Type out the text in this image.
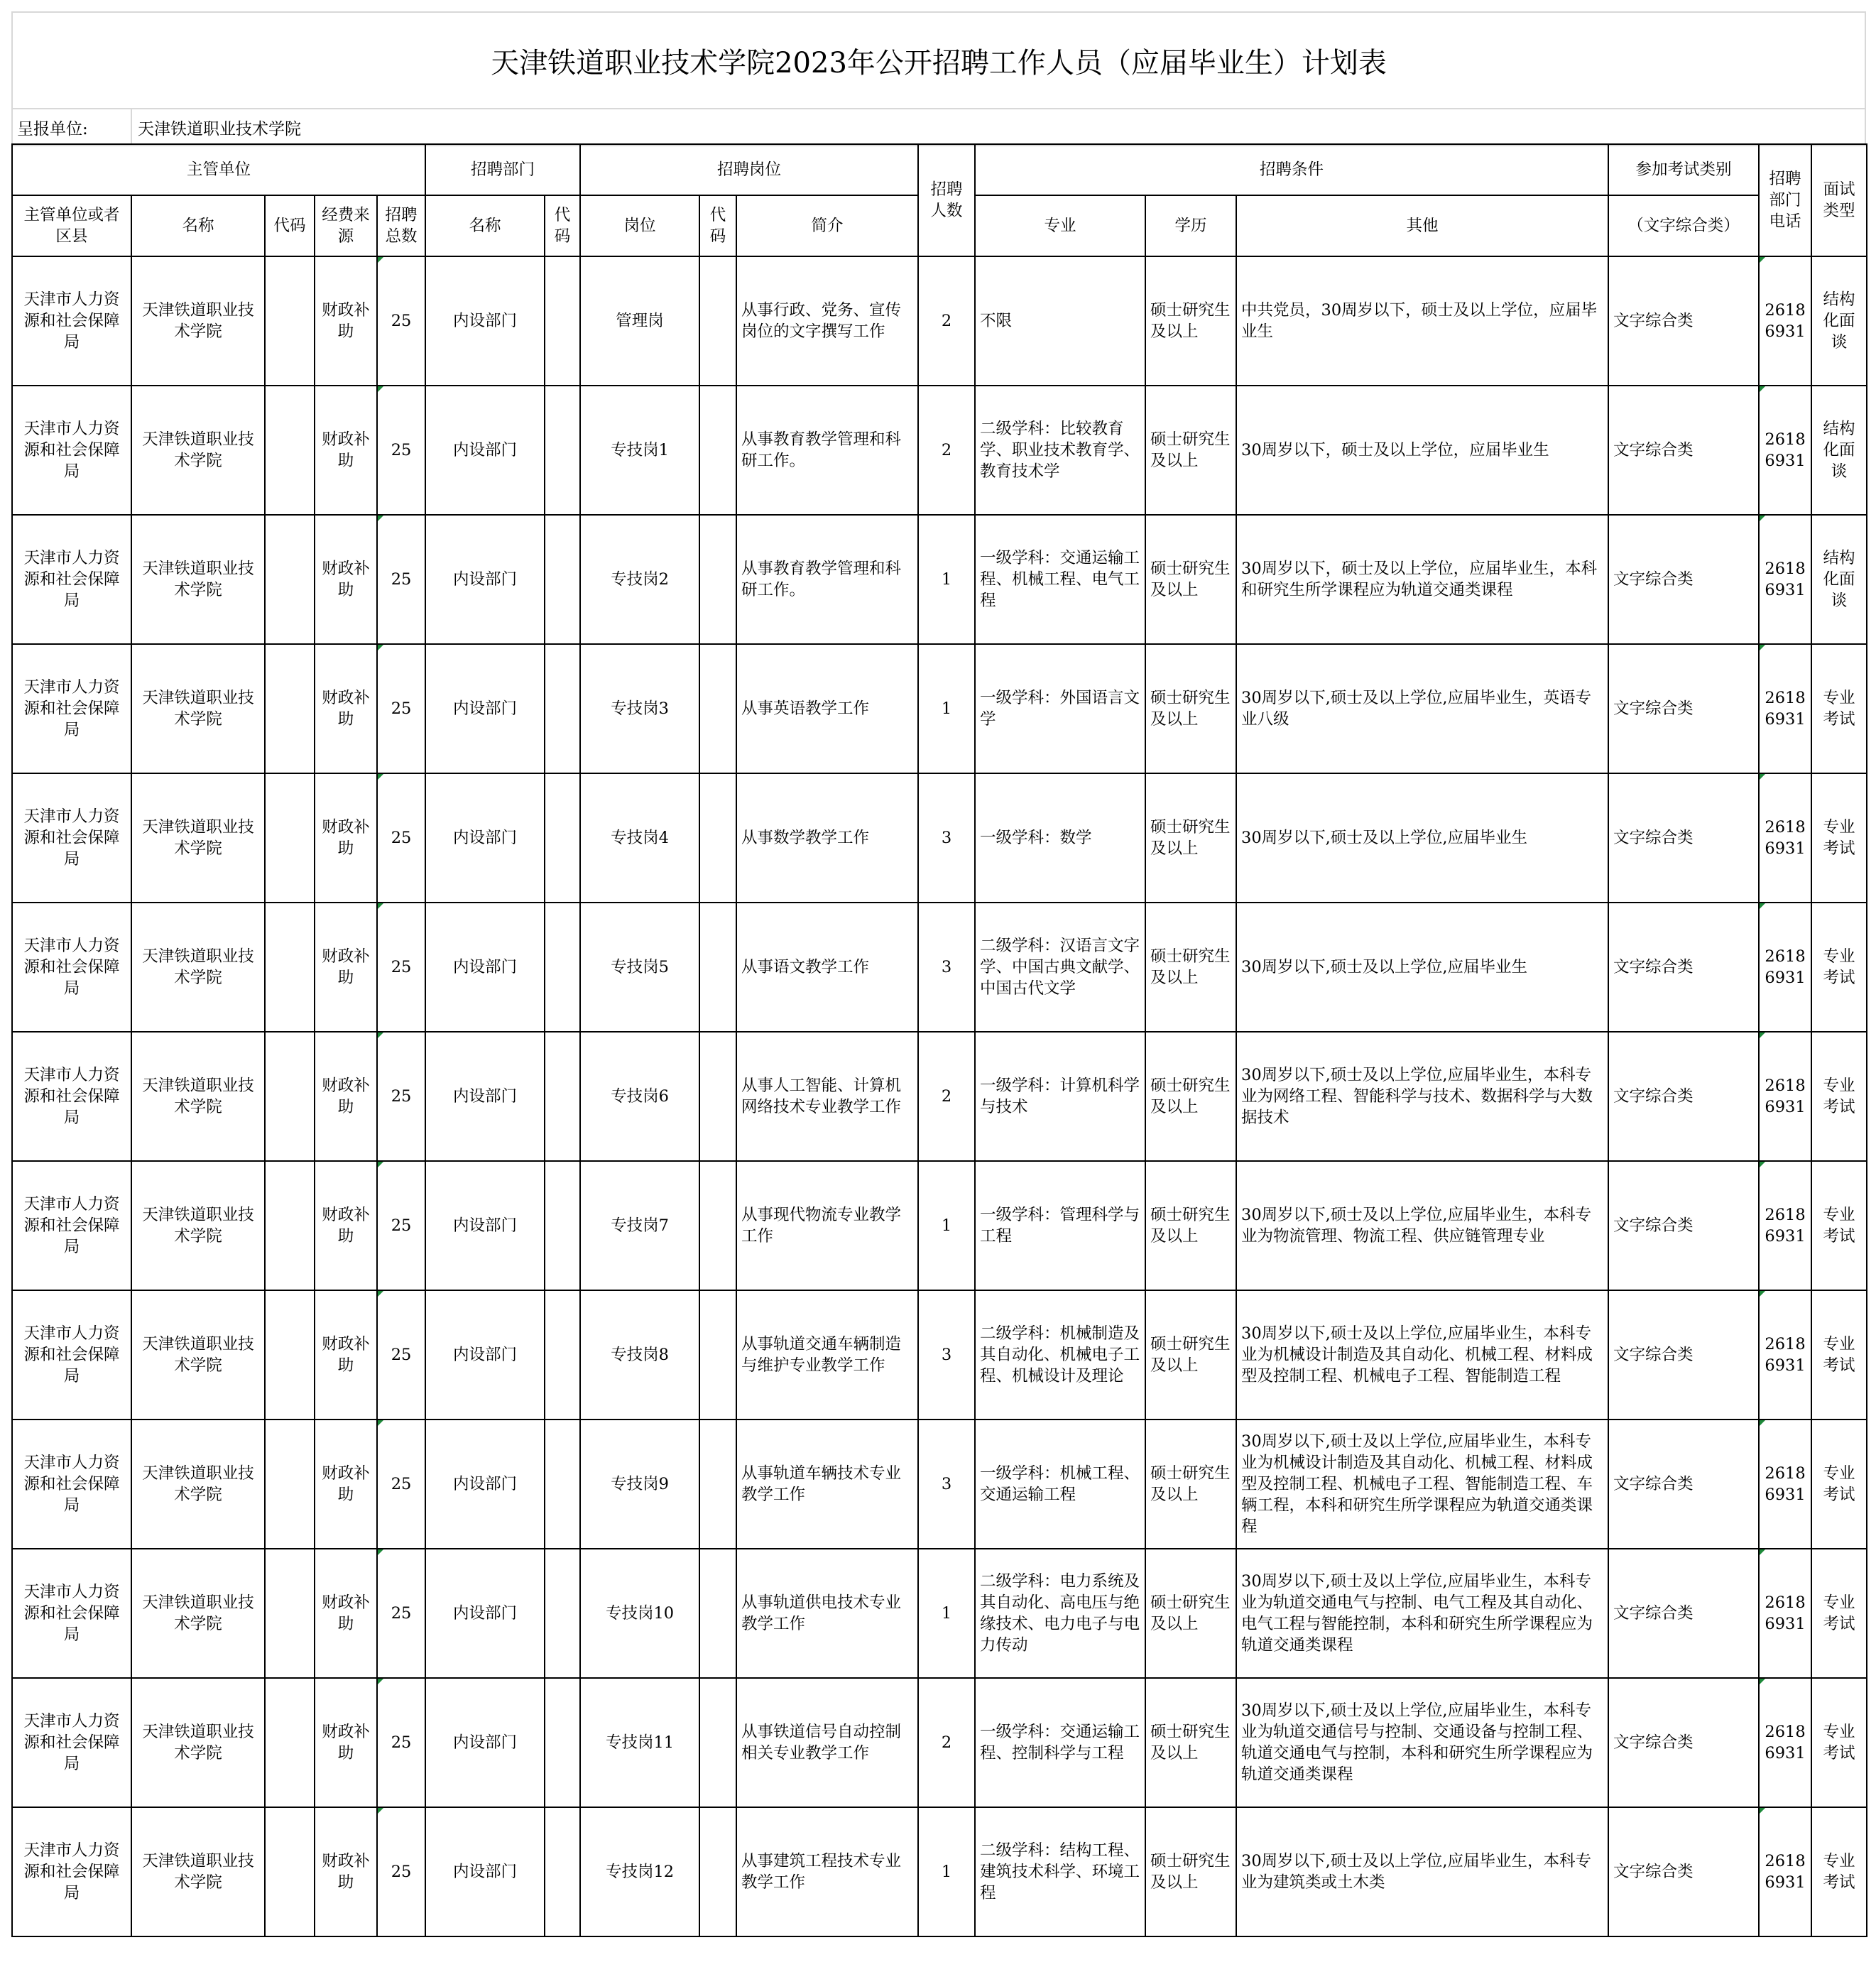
天津铁道职业技术学院2023年公开招聘工作人员（应届毕业生）计划表
呈报单位:	天津铁道职业技术学院
主管单位					招聘部门		招聘岗位			招聘人数	招聘条件			参加考试类别	招聘部门电话	面试类型
主管单位或者区县	名称	代码	经费来源	招聘总数	名称	代码	岗位	代码	简介		专业	学历	其他	（文字综合类）		
天津市人力资源和社会保障局	天津铁道职业技术学院		财政补助	25	内设部门		管理岗		从事行政、党务、宣传岗位的文字撰写工作	2	不限	硕士研究生及以上	中共党员，30周岁以下，硕士及以上学位，应届毕业生	文字综合类	26186931	结构化面谈
天津市人力资源和社会保障局	天津铁道职业技术学院		财政补助	25	内设部门		专技岗1		从事教育教学管理和科研工作。	2	二级学科：比较教育学、职业技术教育学、教育技术学	硕士研究生及以上	30周岁以下，硕士及以上学位，应届毕业生	文字综合类	26186931	结构化面谈
天津市人力资源和社会保障局	天津铁道职业技术学院		财政补助	25	内设部门		专技岗2		从事教育教学管理和科研工作。	1	一级学科：交通运输工程、机械工程、电气工程	硕士研究生及以上	30周岁以下，硕士及以上学位，应届毕业生，本科和研究生所学课程应为轨道交通类课程	文字综合类	26186931	结构化面谈
天津市人力资源和社会保障局	天津铁道职业技术学院		财政补助	25	内设部门		专技岗3		从事英语教学工作	1	一级学科：外国语言文学	硕士研究生及以上	30周岁以下,硕士及以上学位,应届毕业生，英语专业八级	文字综合类	26186931	专业考试
天津市人力资源和社会保障局	天津铁道职业技术学院		财政补助	25	内设部门		专技岗4		从事数学教学工作	3	一级学科：数学	硕士研究生及以上	30周岁以下,硕士及以上学位,应届毕业生	文字综合类	26186931	专业考试
天津市人力资源和社会保障局	天津铁道职业技术学院		财政补助	25	内设部门		专技岗5		从事语文教学工作	3	二级学科：汉语言文字学、中国古典文献学、中国古代文学	硕士研究生及以上	30周岁以下,硕士及以上学位,应届毕业生	文字综合类	26186931	专业考试
天津市人力资源和社会保障局	天津铁道职业技术学院		财政补助	25	内设部门		专技岗6		从事人工智能、计算机网络技术专业教学工作	2	一级学科：计算机科学与技术	硕士研究生及以上	30周岁以下,硕士及以上学位,应届毕业生，本科专业为网络工程、智能科学与技术、数据科学与大数据技术	文字综合类	26186931	专业考试
天津市人力资源和社会保障局	天津铁道职业技术学院		财政补助	25	内设部门		专技岗7		从事现代物流专业教学工作	1	一级学科：管理科学与工程	硕士研究生及以上	30周岁以下,硕士及以上学位,应届毕业生，本科专业为物流管理、物流工程、供应链管理专业	文字综合类	26186931	专业考试
天津市人力资源和社会保障局	天津铁道职业技术学院		财政补助	25	内设部门		专技岗8		从事轨道交通车辆制造与维护专业教学工作	3	二级学科：机械制造及其自动化、机械电子工程、机械设计及理论	硕士研究生及以上	30周岁以下,硕士及以上学位,应届毕业生，本科专业为机械设计制造及其自动化、机械工程、材料成型及控制工程、机械电子工程、智能制造工程	文字综合类	26186931	专业考试
天津市人力资源和社会保障局	天津铁道职业技术学院		财政补助	25	内设部门		专技岗9		从事轨道车辆技术专业教学工作	3	一级学科：机械工程、交通运输工程	硕士研究生及以上	30周岁以下,硕士及以上学位,应届毕业生，本科专业为机械设计制造及其自动化、机械工程、材料成型及控制工程、机械电子工程、智能制造工程、车辆工程，本科和研究生所学课程应为轨道交通类课程	文字综合类	26186931	专业考试
天津市人力资源和社会保障局	天津铁道职业技术学院		财政补助	25	内设部门		专技岗10		从事轨道供电技术专业教学工作	1	二级学科：电力系统及其自动化、高电压与绝缘技术、电力电子与电力传动	硕士研究生及以上	30周岁以下,硕士及以上学位,应届毕业生，本科专业为轨道交通电气与控制、电气工程及其自动化、电气工程与智能控制，本科和研究生所学课程应为轨道交通类课程	文字综合类	26186931	专业考试
天津市人力资源和社会保障局	天津铁道职业技术学院		财政补助	25	内设部门		专技岗11		从事铁道信号自动控制相关专业教学工作	2	一级学科：交通运输工程、控制科学与工程	硕士研究生及以上	30周岁以下,硕士及以上学位,应届毕业生，本科专业为轨道交通信号与控制、交通设备与控制工程、轨道交通电气与控制，本科和研究生所学课程应为轨道交通类课程	文字综合类	26186931	专业考试
天津市人力资源和社会保障局	天津铁道职业技术学院		财政补助	25	内设部门		专技岗12		从事建筑工程技术专业教学工作	1	二级学科：结构工程、建筑技术科学、环境工程	硕士研究生及以上	30周岁以下,硕士及以上学位,应届毕业生，本科专业为建筑类或土木类	文字综合类	26186931	专业考试
